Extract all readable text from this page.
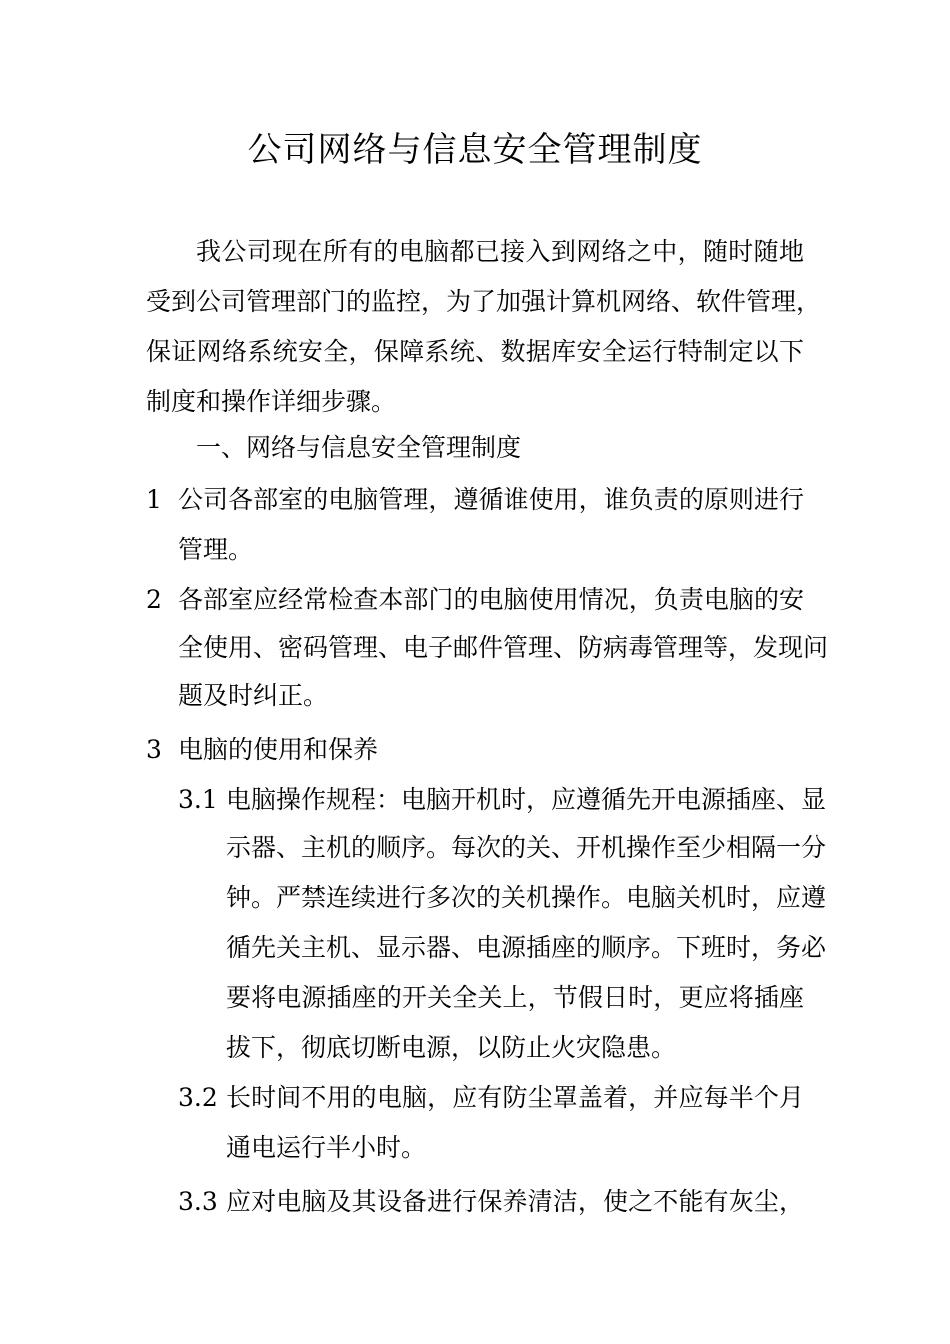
公司网络与信息安全管理制度
我公司现在所有的电脑都已接入到网络之中，随时随地
受到公司管理部门的监控，为了加强计算机网络、软件管理，
保证网络系统安全，保障系统、数据库安全运行特制定以下
制度和操作详细步骤。
一、网络与信息安全管理制度
1 公司各部室的电脑管理，遵循谁使用，谁负责的原则进行
管理。
2 各部室应经常检查本部门的电脑使用情况，负责电脑的安
全使用、密码管理、电子邮件管理、防病毒管理等，发现问
题及时纠正。
3 电脑的使用和保养
3.1 电脑操作规程：电脑开机时，应遵循先开电源插座、显
示器、主机的顺序。每次的关、开机操作至少相隔一分
钟。严禁连续进行多次的关机操作。电脑关机时，应遵
循先关主机、显示器、电源插座的顺序。下班时，务必
要将电源插座的开关全关上，节假日时，更应将插座
拔下，彻底切断电源，以防止火灾隐患。
3.2 长时间不用的电脑，应有防尘罩盖着，并应每半个月
通电运行半小时。
3.3 应对电脑及其设备进行保养清洁，使之不能有灰尘，
